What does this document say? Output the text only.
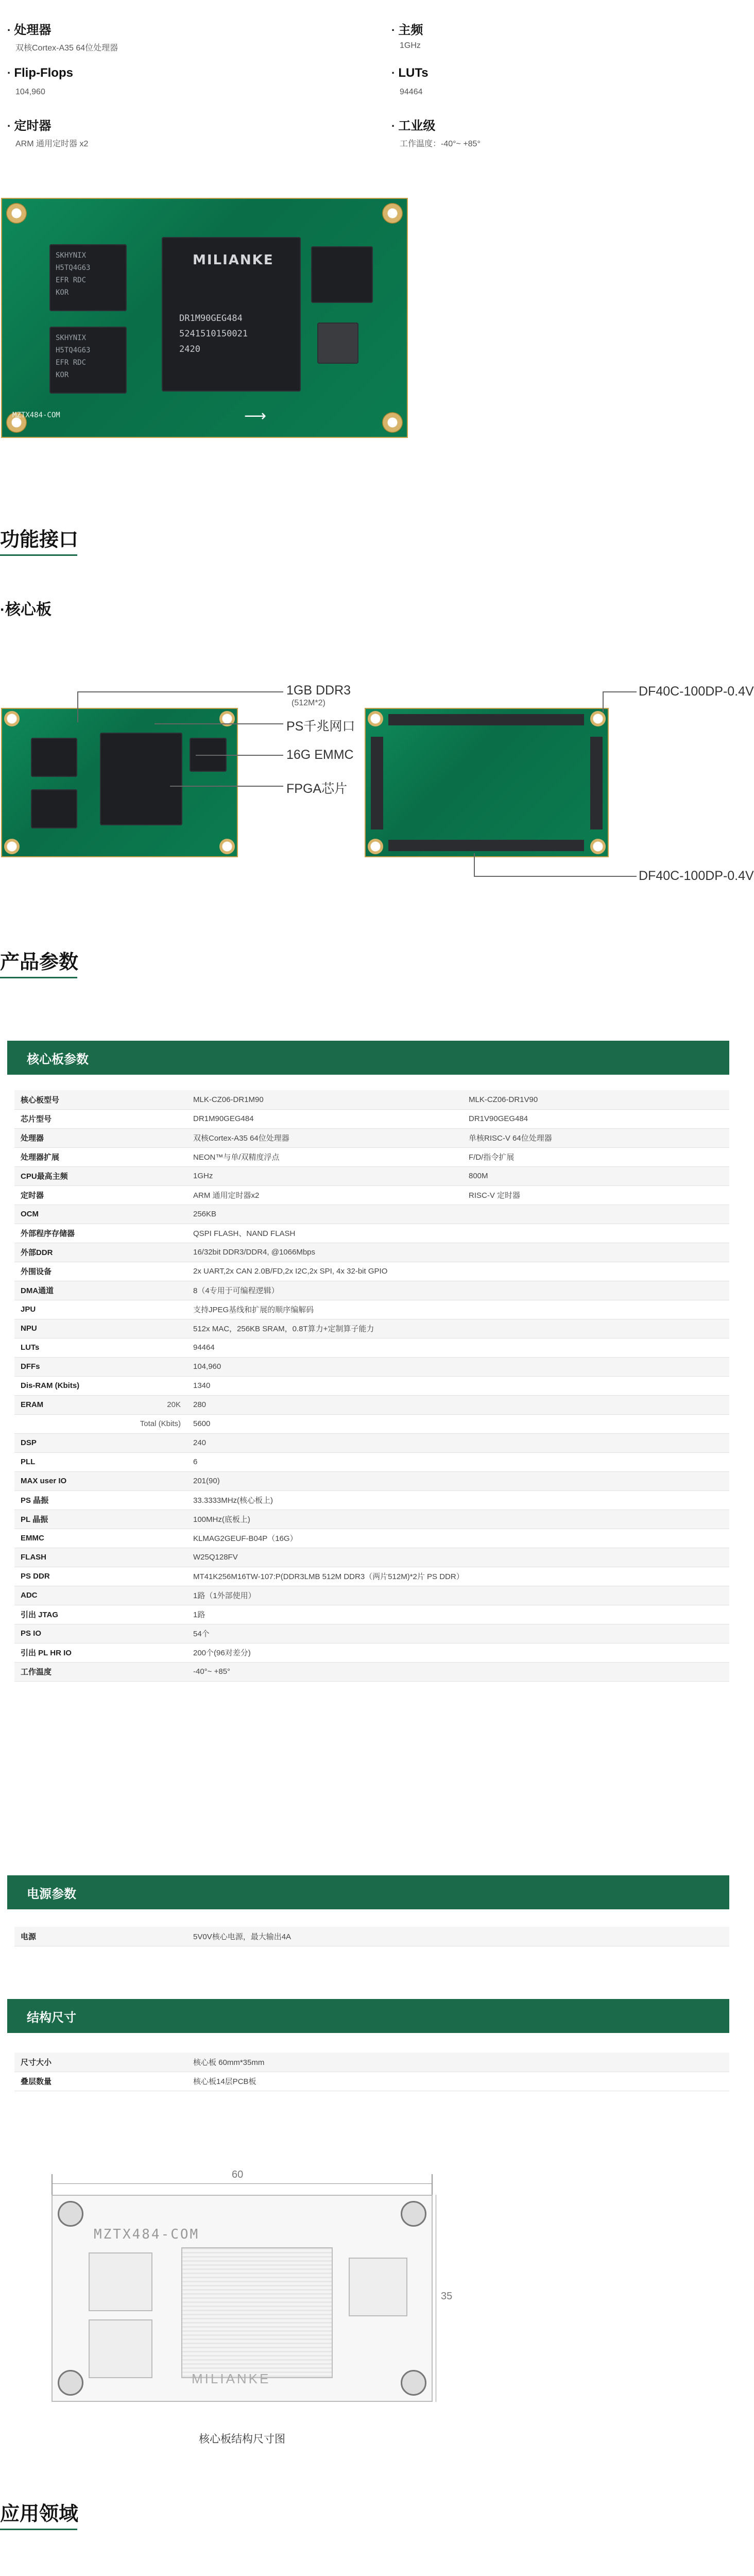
· 处理器
双核Cortex-A35 64位处理器
· 主频
1GHz
· Flip-Flops
104,960
· LUTs
94464
· 定时器
ARM 通用定时器 x2
· 工业级
工作温度：-40°~ +85°
SKHYNIX
H5TQ4G63
EFR RDC
KOR
SKHYNIX
H5TQ4G63
EFR RDC
KOR
MILIANKE
DR1M90GEG484
5241510150021
2420
MZTX484-COM	⟶
功能接口
·核心板
1GB DDR3
(512M*2)
PS千兆网口
16G EMMC
FPGA芯片
DF40C-100DP-0.4V
DF40C-100DP-0.4V
产品参数
核心板参数
核心板型号		MLK-CZ06-DR1M90	MLK-CZ06-DR1V90
芯片型号		DR1M90GEG484	DR1V90GEG484
处理器		双核Cortex-A35 64位处理器	单核RISC-V 64位处理器
处理器扩展		NEON™与单/双精度浮点	F/D/指令扩展
CPU最高主频		1GHz	800M
定时器		ARM 通用定时器x2	RISC-V 定时器
OCM		256KB	
外部程序存储器		QSPI FLASH、NAND FLASH	
外部DDR		16/32bit DDR3/DDR4, @1066Mbps	
外围设备		2x UART,2x CAN 2.0B/FD,2x I2C,2x SPI, 4x 32-bit GPIO	
DMA通道		8（4专用于可编程逻辑）	
JPU		支持JPEG基线和扩展的顺序编解码	
NPU		512x MAC，256KB SRAM，0.8T算力+定制算子能力	
LUTs		94464	
DFFs		104,960	
Dis-RAM (Kbits)		1340	
ERAM	20K	280	
	Total (Kbits)	5600	
DSP		240	
PLL		6	
MAX user IO		201(90)	
PS 晶振		33.3333MHz(核心板上)	
PL 晶振		100MHz(底板上)	
EMMC		KLMAG2GEUF-B04P（16G）	
FLASH		W25Q128FV	
PS DDR		MT41K256M16TW-107:P(DDR3LMB 512M DDR3（两片512M)*2片 PS DDR）	
ADC		1路（1外部使用）	
引出 JTAG		1路	
PS IO		54个	
引出 PL HR IO		200个(96对差分)	
工作温度		-40°~ +85°	
电源参数
电源	5V0V核心电源，最大输出4A
结构尺寸
尺寸大小	核心板 60mm*35mm
叠层数量	核心板14层PCB板
60
MZTX484-COM
MILIANKE
35
核心板结构尺寸图
应用领域
